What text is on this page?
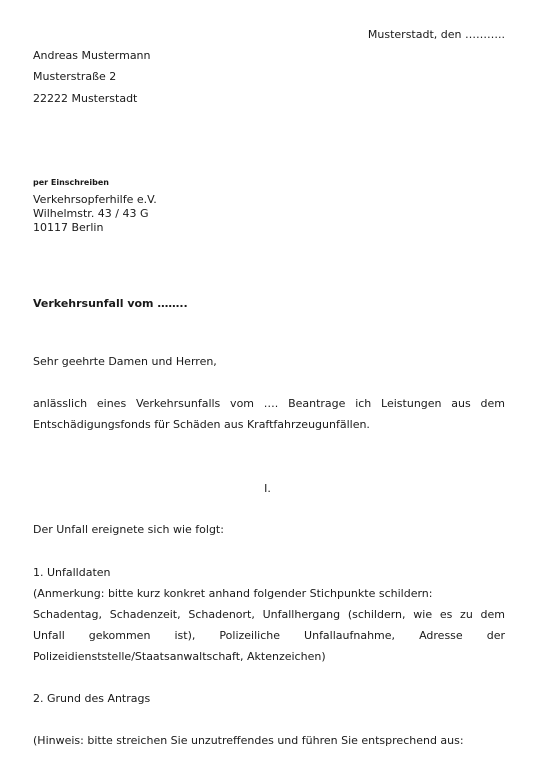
Musterstadt, den ………..
Andreas Mustermann
Musterstraße 2
22222 Musterstadt
per Einschreiben
Verkehrsopferhilfe e.V.
Wilhelmstr. 43 / 43 G
10117 Berlin
Verkehrsunfall vom ……..
Sehr geehrte Damen und Herren,
anlässlich eines Verkehrsunfalls vom …. Beantrage ich Leistungen aus dem
Entschädigungsfonds für Schäden aus Kraftfahrzeugunfällen.
I.
Der Unfall ereignete sich wie folgt:
1. Unfalldaten
(Anmerkung: bitte kurz konkret anhand folgender Stichpunkte schildern:
Schadentag, Schadenzeit, Schadenort, Unfallhergang (schildern, wie es zu dem
Unfall gekommen ist), Polizeiliche Unfallaufnahme, Adresse der
Polizeidienststelle/Staatsanwaltschaft, Aktenzeichen)
2. Grund des Antrags
(Hinweis: bitte streichen Sie unzutreffendes und führen Sie entsprechend aus:
